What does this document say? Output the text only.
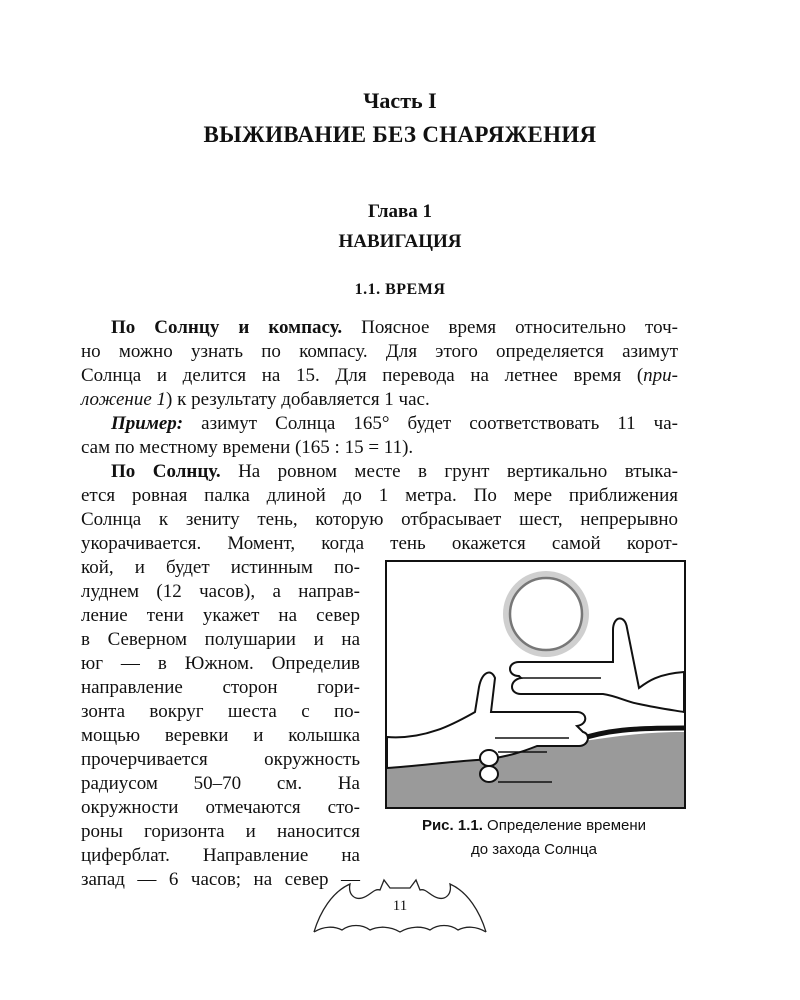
Часть I
ВЫЖИВАНИЕ БЕЗ СНАРЯЖЕНИЯ
Глава 1
НАВИГАЦИЯ
1.1. ВРЕМЯ
По Солнцу и компасу. Поясное время относительно точ-
но можно узнать по компасу. Для этого определяется азимут
Солнца и делится на 15. Для перевода на летнее время (при-
ложение 1) к результату добавляется 1 час.
Пример: азимут Солнца 165° будет соответствовать 11 ча-
сам по местному времени (165 : 15 = 11).
По Солнцу. На ровном месте в грунт вертикально втыка-
ется ровная палка длиной до 1 метра. По мере приближения
Солнца к зениту тень, которую отбрасывает шест, непрерывно
укорачивается. Момент, когда тень окажется самой корот-
кой, и будет истинным по-
луднем (12 часов), а направ-
ление тени укажет на север
в Северном полушарии и на
юг — в Южном. Определив
направление сторон гори-
зонта вокруг шеста с по-
мощью веревки и колышка
прочерчивается окружность
радиусом 50–70 см. На
окружности отмечаются сто-
роны горизонта и наносится
циферблат. Направление на
запад — 6 часов; на север —
Рис. 1.1. Определение времени
до захода Солнца
11
